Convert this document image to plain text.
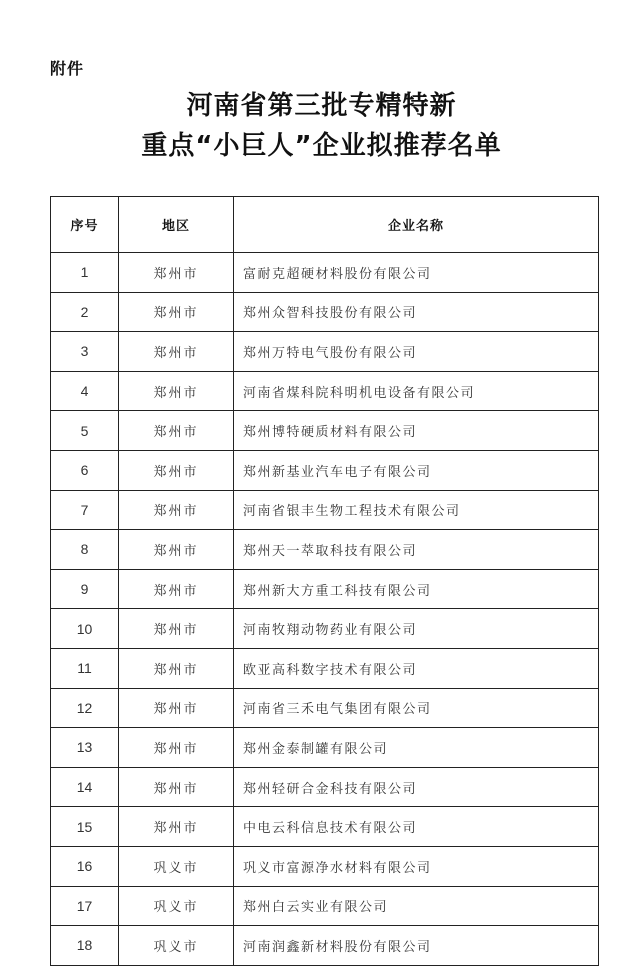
附件
河南省第三批专精特新
重点“小巨人”企业拟推荐名单
序号	地区	企业名称
1	郑州市	富耐克超硬材料股份有限公司
2	郑州市	郑州众智科技股份有限公司
3	郑州市	郑州万特电气股份有限公司
4	郑州市	河南省煤科院科明机电设备有限公司
5	郑州市	郑州博特硬质材料有限公司
6	郑州市	郑州新基业汽车电子有限公司
7	郑州市	河南省银丰生物工程技术有限公司
8	郑州市	郑州天一萃取科技有限公司
9	郑州市	郑州新大方重工科技有限公司
10	郑州市	河南牧翔动物药业有限公司
11	郑州市	欧亚高科数字技术有限公司
12	郑州市	河南省三禾电气集团有限公司
13	郑州市	郑州金泰制罐有限公司
14	郑州市	郑州轻研合金科技有限公司
15	郑州市	中电云科信息技术有限公司
16	巩义市	巩义市富源净水材料有限公司
17	巩义市	郑州白云实业有限公司
18	巩义市	河南润鑫新材料股份有限公司
